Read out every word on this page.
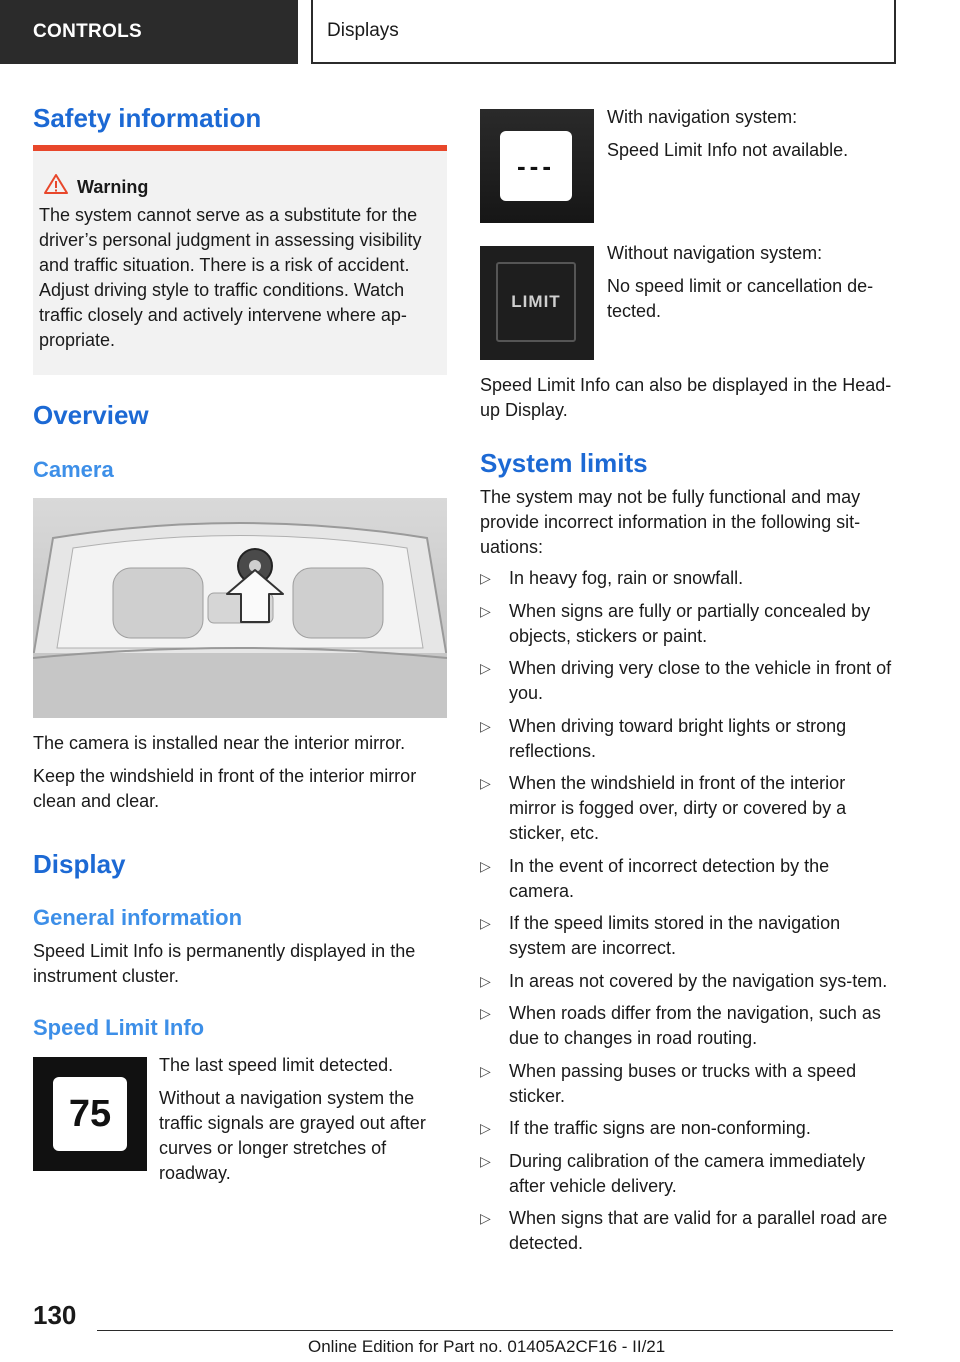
CONTROLS	Displays
Safety information
Warning
The system cannot serve as a substitute for the driver’s personal judgment in assessing visibility and traffic situation. There is a risk of accident. Adjust driving style to traffic conditions. Watch traffic closely and actively intervene where ap‐propriate.
Overview
Camera

The camera is installed near the interior mirror.

Keep the windshield in front of the interior mirror clean and clear.

Display
General information

Speed Limit Info is permanently displayed in the instrument cluster.

Speed Limit Info
75

The last speed limit detected.

Without a navigation system the traffic signals are grayed out after curves or longer stretches of roadway.

---

With navigation system:

Speed Limit Info not available.

LIMIT

Without navigation system:

No speed limit or cancellation de‐tected.

Speed Limit Info can also be displayed in the Head-up Display.

System limits

The system may not be fully functional and may provide incorrect information in the following sit‐uations:

▷ In heavy fog, rain or snowfall.
▷ When signs are fully or partially concealed by objects, stickers or paint.
▷ When driving very close to the vehicle in front of you.
▷ When driving toward bright lights or strong reflections.
▷ When the windshield in front of the interior mirror is fogged over, dirty or covered by a sticker, etc.
▷ In the event of incorrect detection by the camera.
▷ If the speed limits stored in the navigation system are incorrect.
▷ In areas not covered by the navigation sys‐tem.
▷ When roads differ from the navigation, such as due to changes in road routing.
▷ When passing buses or trucks with a speed sticker.
▷ If the traffic signs are non-conforming.
▷ During calibration of the camera immediately after vehicle delivery.
▷ When signs that are valid for a parallel road are detected.
130
Online Edition for Part no. 01405A2CF16 - II/21
